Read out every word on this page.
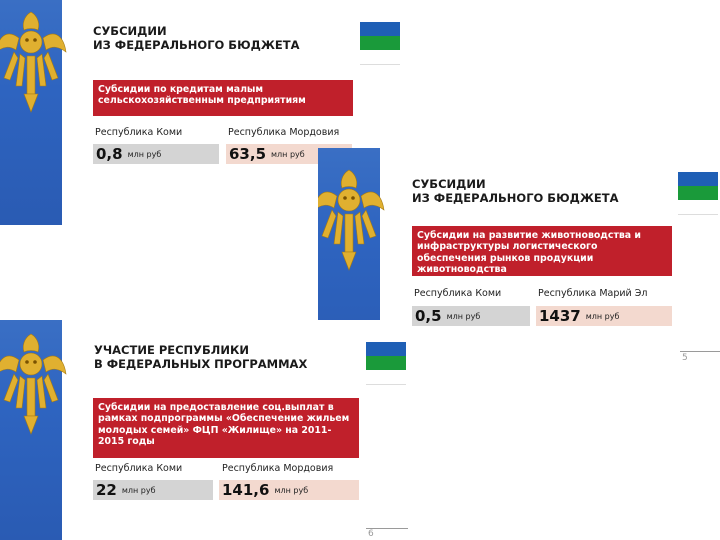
СУБСИДИИ
ИЗ ФЕДЕРАЛЬНОГО БЮДЖЕТА
Субсидии по кредитам малым сельскохозяйственным предприятиям
Республика Коми	Республика Мордовия
0,8 млн руб	63,5 млн руб
СУБСИДИИ
ИЗ ФЕДЕРАЛЬНОГО БЮДЖЕТА
Субсидии на развитие животноводства и инфраструктуры логистического обеспечения рынков продукции животноводства
Республика Коми	Республика Марий Эл
0,5 млн руб	1437 млн руб
5
УЧАСТИЕ РЕСПУБЛИКИ
В ФЕДЕРАЛЬНЫХ ПРОГРАММАХ
Субсидии на предоставление соц.выплат в рамках подпрограммы «Обеспечение жильем молодых семей» ФЦП «Жилище» на 2011-2015 годы
Республика Коми	Республика Мордовия
22 млн руб	141,6 млн руб
6
